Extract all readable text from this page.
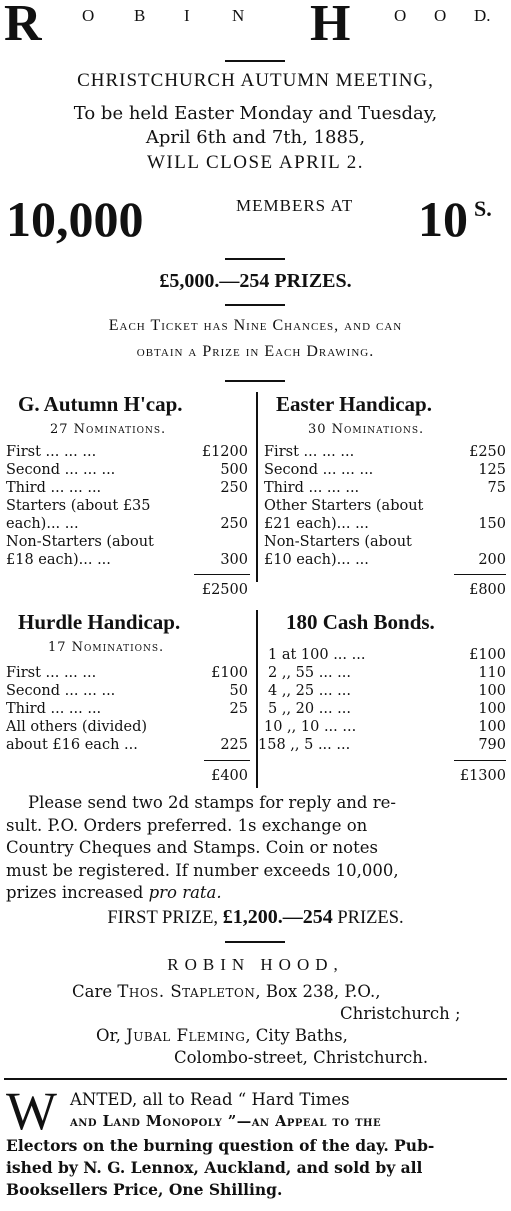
R O B I N H	O O D.
CHRISTCHURCH AUTUMN MEETING,
To be held Easter Monday and Tuesday,
April 6th and 7th, 1885,
WILL CLOSE APRIL 2.
10,000	MEMBERS AT 10 S.
£5,000.—254 PRIZES.
Each Ticket has Nine Chances, and can
obtain a Prize in Each Drawing.
G. Autumn H'cap.
27 Nominations.
First ... ... ...	£1200
Second ... ... ...	500
Third ... ... ...	250
Starters (about £35
each)... ...	250
Non-Starters (about
£18 each)... ...	300
£2500
Easter Handicap.
30 Nominations.
First ... ... ...	£250
Second ... ... ...	125
Third ... ... ...	75
Other Starters (about
£21 each)... ...	150
Non-Starters (about
£10 each)... ...	200
£800
Hurdle Handicap.
17 Nominations.
First ... ... ...	£100
Second ... ... ...	50
Third ... ... ...	25
All others (divided)
about £16 each ...	225
£400
180 Cash Bonds.
1 at 100 ... ...	£100
2 ,, 55 ... ...	110
4 ,, 25 ... ...	100
5 ,, 20 ... ...	100
10 ,, 10 ... ...	100
158 ,, 5 ... ...	790
£1300
Please send two 2d stamps for reply and re-
sult. P.O. Orders preferred. 1s exchange on
Country Cheques and Stamps. Coin or notes
must be registered. If number exceeds 10,000,
prizes increased pro rata.
FIRST PRIZE, £1,200.—254 PRIZES.
ROBIN HOOD,
Care Thos. Stapleton, Box 238, P.O.,
Christchurch ;
Or, Jubal Fleming, City Baths,
Colombo-street, Christchurch.
W ANTED, all to Read “ Hard Times
and Land Monopoly ”—an Appeal to the
Electors on the burning question of the day. Pub-
ished by N. G. Lennox, Auckland, and sold by all
Booksellers Price, One Shilling.
